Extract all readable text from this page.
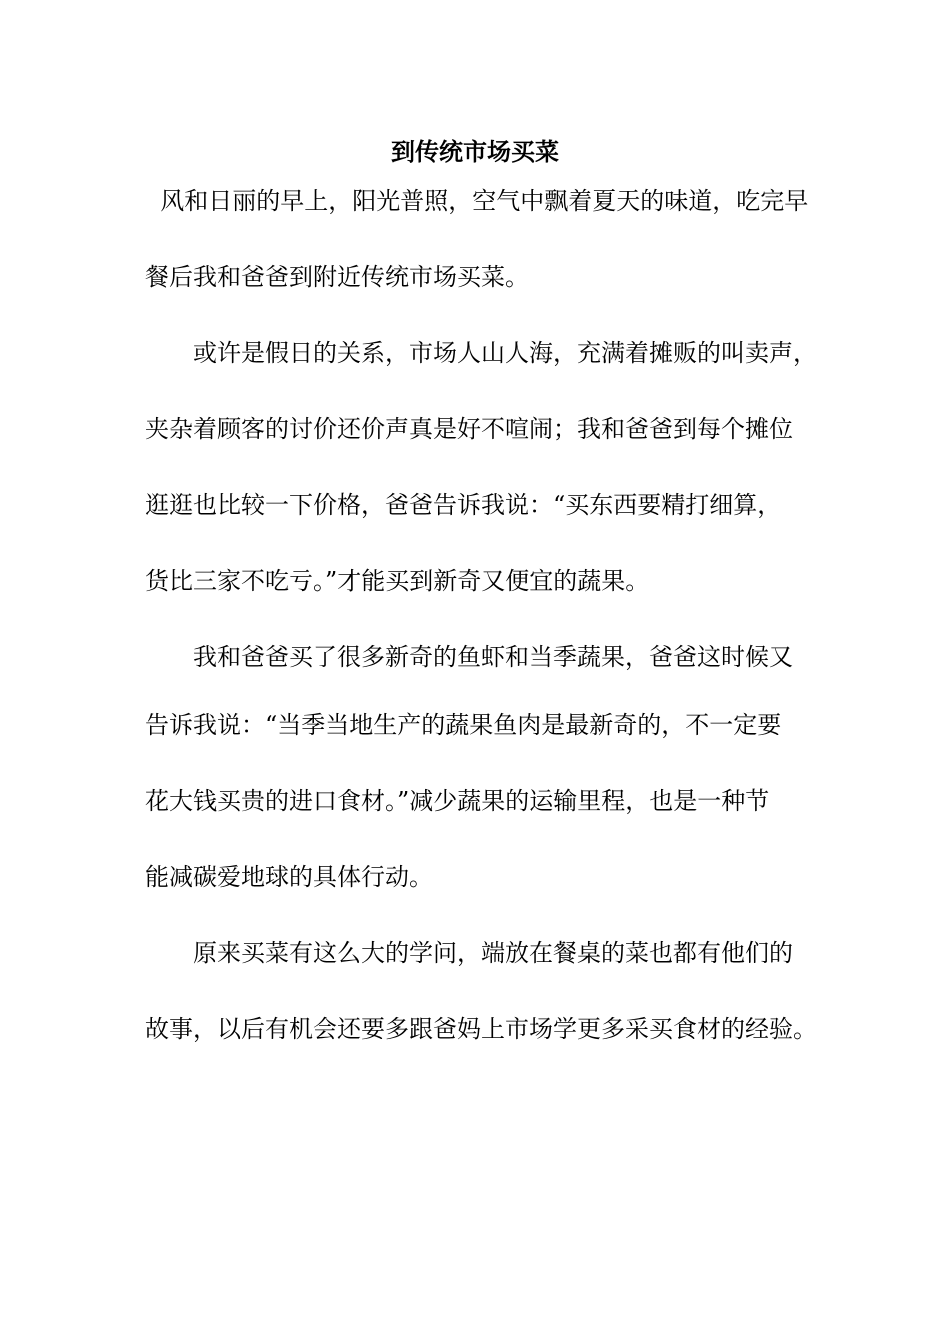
到传统市场买菜

风和日丽的早上，阳光普照，空气中飘着夏天的味道，吃完早

餐后我和爸爸到附近传统市场买菜。

　　或许是假日的关系，市场人山人海，充满着摊贩的叫卖声，

夹杂着顾客的讨价还价声真是好不喧闹；我和爸爸到每个摊位

逛逛也比较一下价格，爸爸告诉我说：“买东西要精打细算，

货比三家不吃亏。”才能买到新奇又便宜的蔬果。

　　我和爸爸买了很多新奇的鱼虾和当季蔬果，爸爸这时候又

告诉我说：“当季当地生产的蔬果鱼肉是最新奇的，不一定要

花大钱买贵的进口食材。”减少蔬果的运输里程，也是一种节

能减碳爱地球的具体行动。

　　原来买菜有这么大的学问，端放在餐桌的菜也都有他们的

故事，以后有机会还要多跟爸妈上市场学更多采买食材的经验。
